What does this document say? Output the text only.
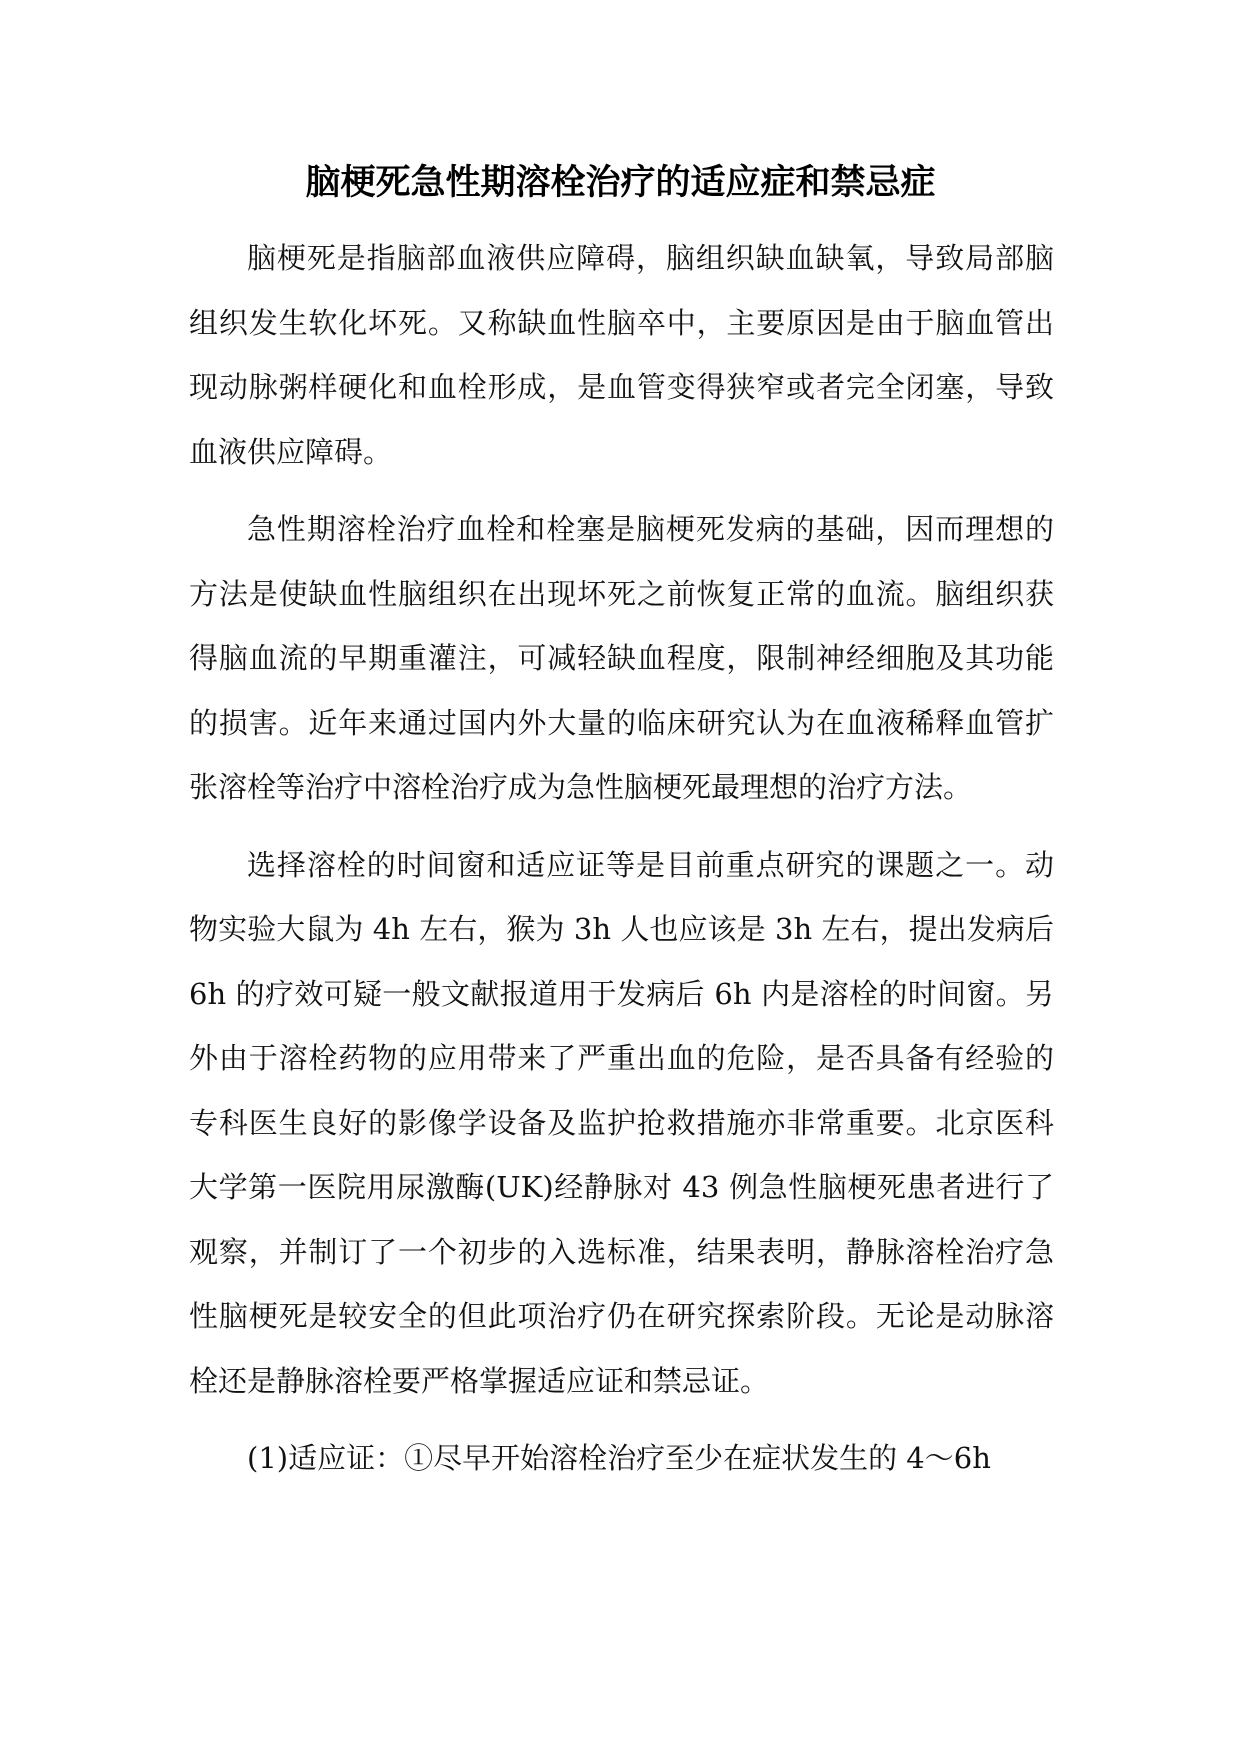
脑梗死急性期溶栓治疗的适应症和禁忌症

脑梗死是指脑部血液供应障碍，脑组织缺血缺氧，导致局部脑组织发生软化坏死。又称缺血性脑卒中，主要原因是由于脑血管出现动脉粥样硬化和血栓形成，是血管变得狭窄或者完全闭塞，导致血液供应障碍。

急性期溶栓治疗血栓和栓塞是脑梗死发病的基础，因而理想的方法是使缺血性脑组织在出现坏死之前恢复正常的血流。脑组织获得脑血流的早期重灌注，可减轻缺血程度，限制神经细胞及其功能的损害。近年来通过国内外大量的临床研究认为在血液稀释血管扩张溶栓等治疗中溶栓治疗成为急性脑梗死最理想的治疗方法。

选择溶栓的时间窗和适应证等是目前重点研究的课题之一。动物实验大鼠为 4h 左右，猴为 3h 人也应该是 3h 左右，提出发病后 6h 的疗效可疑一般文献报道用于发病后 6h 内是溶栓的时间窗。另外由于溶栓药物的应用带来了严重出血的危险，是否具备有经验的专科医生良好的影像学设备及监护抢救措施亦非常重要。北京医科大学第一医院用尿激酶(UK)经静脉对 43 例急性脑梗死患者进行了观察，并制订了一个初步的入选标准，结果表明，静脉溶栓治疗急性脑梗死是较安全的但此项治疗仍在研究探索阶段。无论是动脉溶栓还是静脉溶栓要严格掌握适应证和禁忌证。

(1)适应证：①尽早开始溶栓治疗至少在症状发生的 4～6h
